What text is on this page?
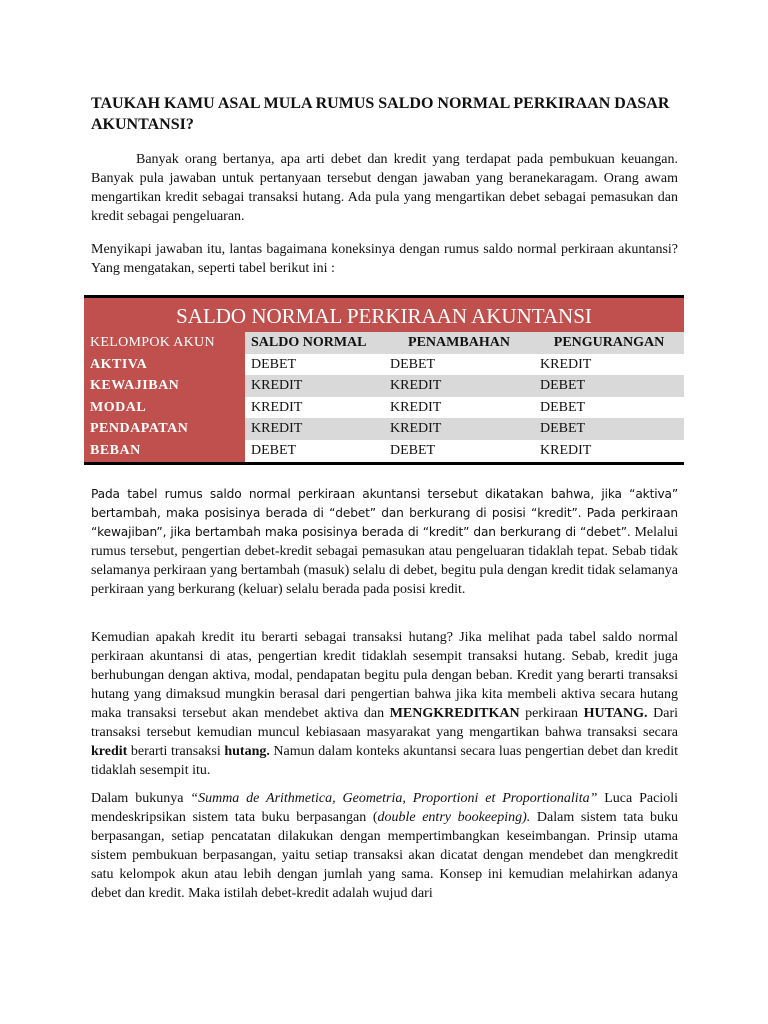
TAUKAH KAMU ASAL MULA RUMUS SALDO NORMAL PERKIRAAN DASAR AKUNTANSI?

Banyak orang bertanya, apa arti debet dan kredit yang terdapat pada pembukuan keuangan. Banyak pula jawaban untuk pertanyaan tersebut dengan jawaban yang beranekaragam. Orang awam mengartikan kredit sebagai transaksi hutang. Ada pula yang mengartikan debet sebagai pemasukan dan kredit sebagai pengeluaran.

Menyikapi jawaban itu, lantas bagaimana koneksinya dengan rumus saldo normal perkiraan akuntansi? Yang mengatakan, seperti tabel berikut ini :

SALDO NORMAL PERKIRAAN AKUNTANSI			
KELOMPOK AKUN	SALDO NORMAL	PENAMBAHAN	PENGURANGAN
AKTIVA	DEBET	DEBET	KREDIT
KEWAJIBAN	KREDIT	KREDIT	DEBET
MODAL	KREDIT	KREDIT	DEBET
PENDAPATAN	KREDIT	KREDIT	DEBET
BEBAN	DEBET	DEBET	KREDIT

Pada tabel rumus saldo normal perkiraan akuntansi tersebut dikatakan bahwa, jika “aktiva” bertambah, maka posisinya berada di “debet” dan berkurang di posisi “kredit”. Pada perkiraan “kewajiban”, jika bertambah maka posisinya berada di “kredit” dan berkurang di “debet”. Melalui rumus tersebut, pengertian debet-kredit sebagai pemasukan atau pengeluaran tidaklah tepat. Sebab tidak selamanya perkiraan yang bertambah (masuk) selalu di debet, begitu pula dengan kredit tidak selamanya perkiraan yang berkurang (keluar) selalu berada pada posisi kredit.

Kemudian apakah kredit itu berarti sebagai transaksi hutang? Jika melihat pada tabel saldo normal perkiraan akuntansi di atas, pengertian kredit tidaklah sesempit transaksi hutang. Sebab, kredit juga berhubungan dengan aktiva, modal, pendapatan begitu pula dengan beban. Kredit yang berarti transaksi hutang yang dimaksud mungkin berasal dari pengertian bahwa jika kita membeli aktiva secara hutang maka transaksi tersebut akan mendebet aktiva dan MENGKREDITKAN perkiraan HUTANG. Dari transaksi tersebut kemudian muncul kebiasaan masyarakat yang mengartikan bahwa transaksi secara kredit berarti transaksi hutang. Namun dalam konteks akuntansi secara luas pengertian debet dan kredit tidaklah sesempit itu.

Dalam bukunya “Summa de Arithmetica, Geometria, Proportioni et Proportionalita” Luca Pacioli mendeskripsikan sistem tata buku berpasangan (double entry bookeeping). Dalam sistem tata buku berpasangan, setiap pencatatan dilakukan dengan mempertimbangkan keseimbangan. Prinsip utama sistem pembukuan berpasangan, yaitu setiap transaksi akan dicatat dengan mendebet dan mengkredit satu kelompok akun atau lebih dengan jumlah yang sama. Konsep ini kemudian melahirkan adanya debet dan kredit. Maka istilah debet-kredit adalah wujud dari
